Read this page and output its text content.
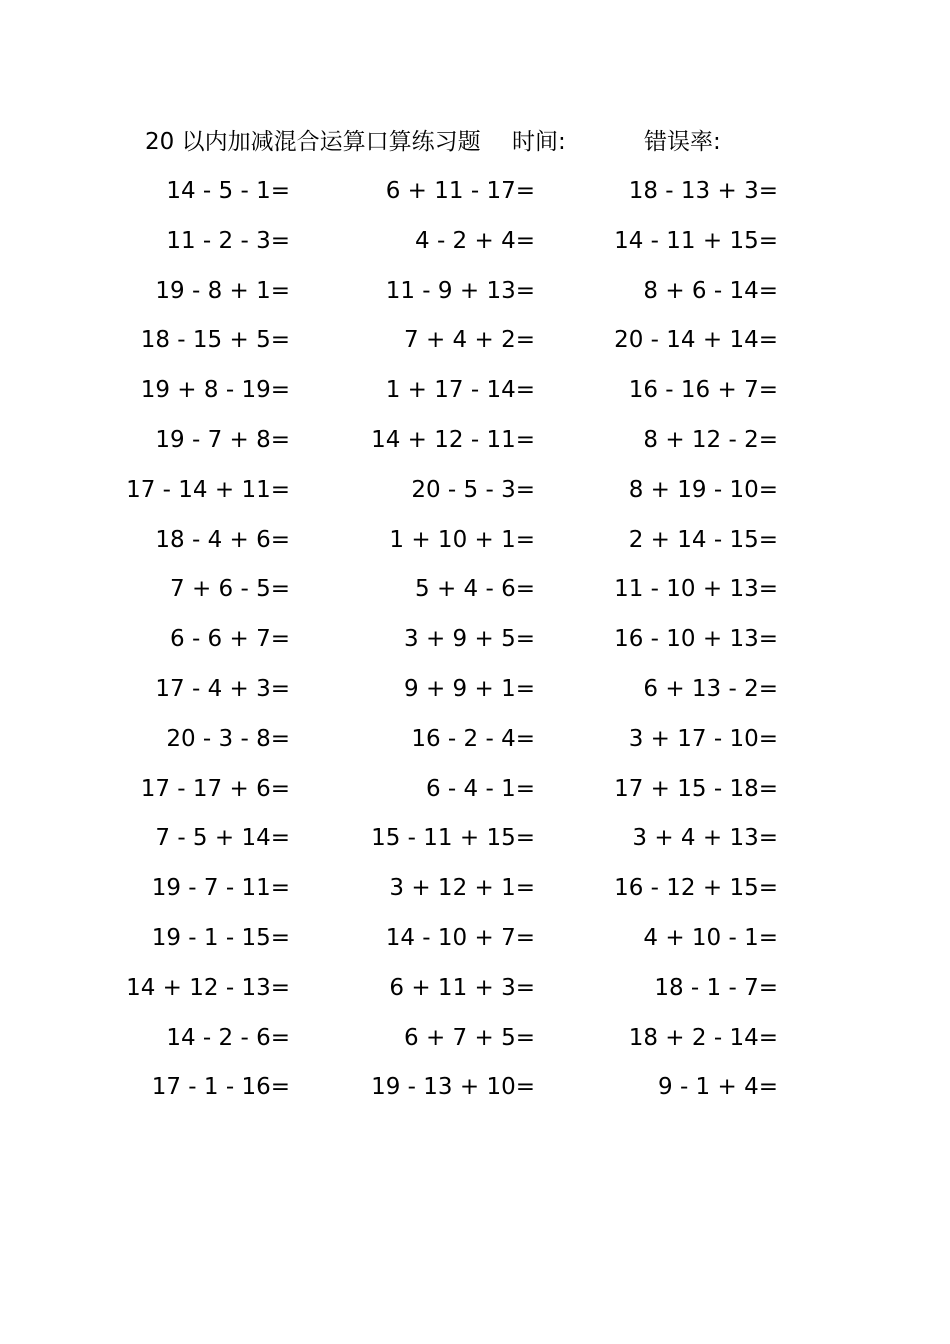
20 以内加减混合运算口算练习题 时间:	错误率:
14 - 5 - 1=	6 + 11 - 17=	18 - 13 + 3=
11 - 2 - 3=	4 - 2 + 4=	14 - 11 + 15=
19 - 8 + 1=	11 - 9 + 13=	8 + 6 - 14=
18 - 15 + 5=	7 + 4 + 2=	20 - 14 + 14=
19 + 8 - 19=	1 + 17 - 14=	16 - 16 + 7=
19 - 7 + 8=	14 + 12 - 11=	8 + 12 - 2=
17 - 14 + 11=	20 - 5 - 3=	8 + 19 - 10=
18 - 4 + 6=	1 + 10 + 1=	2 + 14 - 15=
7 + 6 - 5=	5 + 4 - 6=	11 - 10 + 13=
6 - 6 + 7=	3 + 9 + 5=	16 - 10 + 13=
17 - 4 + 3=	9 + 9 + 1=	6 + 13 - 2=
20 - 3 - 8=	16 - 2 - 4=	3 + 17 - 10=
17 - 17 + 6=	6 - 4 - 1=	17 + 15 - 18=
7 - 5 + 14=	15 - 11 + 15=	3 + 4 + 13=
19 - 7 - 11=	3 + 12 + 1=	16 - 12 + 15=
19 - 1 - 15=	14 - 10 + 7=	4 + 10 - 1=
14 + 12 - 13=	6 + 11 + 3=	18 - 1 - 7=
14 - 2 - 6=	6 + 7 + 5=	18 + 2 - 14=
17 - 1 - 16=	19 - 13 + 10=	9 - 1 + 4=
